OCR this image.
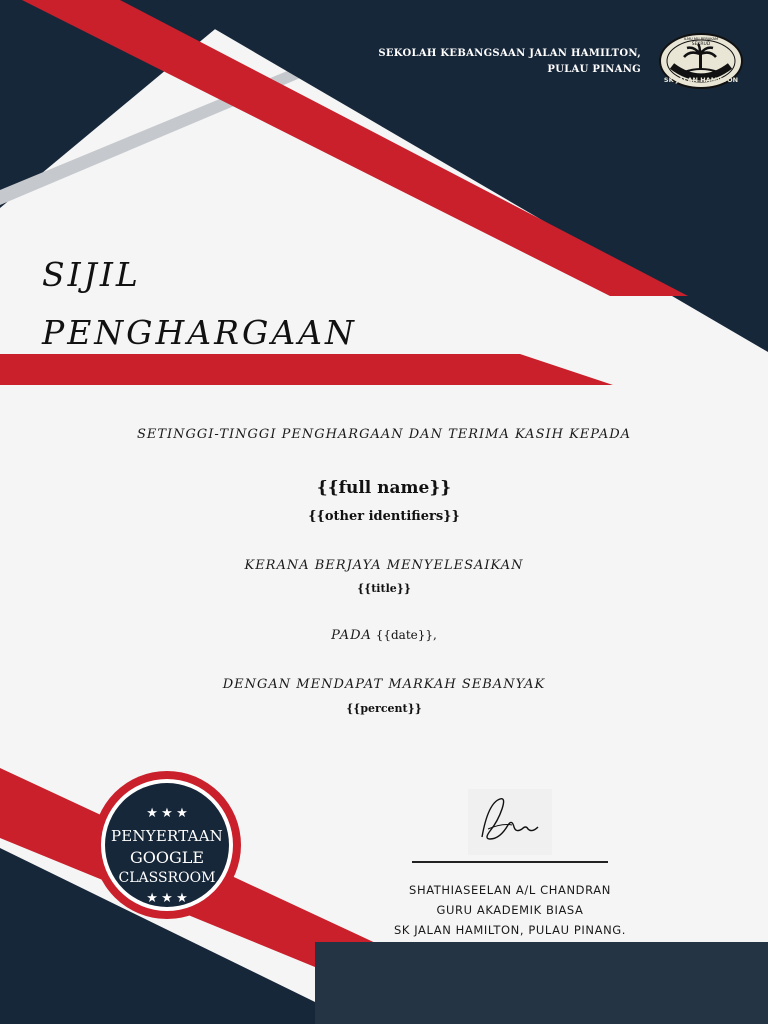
SEKOLAH KEBANGSAAN JALAN HAMILTON,
PULAU PINANG
SK JALAN HAMILTON
SEKRUD
ILMU MU BERAKAM
SIJIL
PENGHARGAAN
SETINGGI-TINGGI PENGHARGAAN DAN TERIMA KASIH KEPADA
{{full name}}
{{other identifiers}}
KERANA BERJAYA MENYELESAIKAN
{{title}}
PADA {{date}},
DENGAN MENDAPAT MARKAH SEBANYAK
{{percent}}
★ ★ ★
★ ★ ★
PENYERTAAN
GOOGLE
CLASSROOM
SHATHIASEELAN A/L CHANDRAN
GURU AKADEMIK BIASA
SK JALAN HAMILTON, PULAU PINANG.
